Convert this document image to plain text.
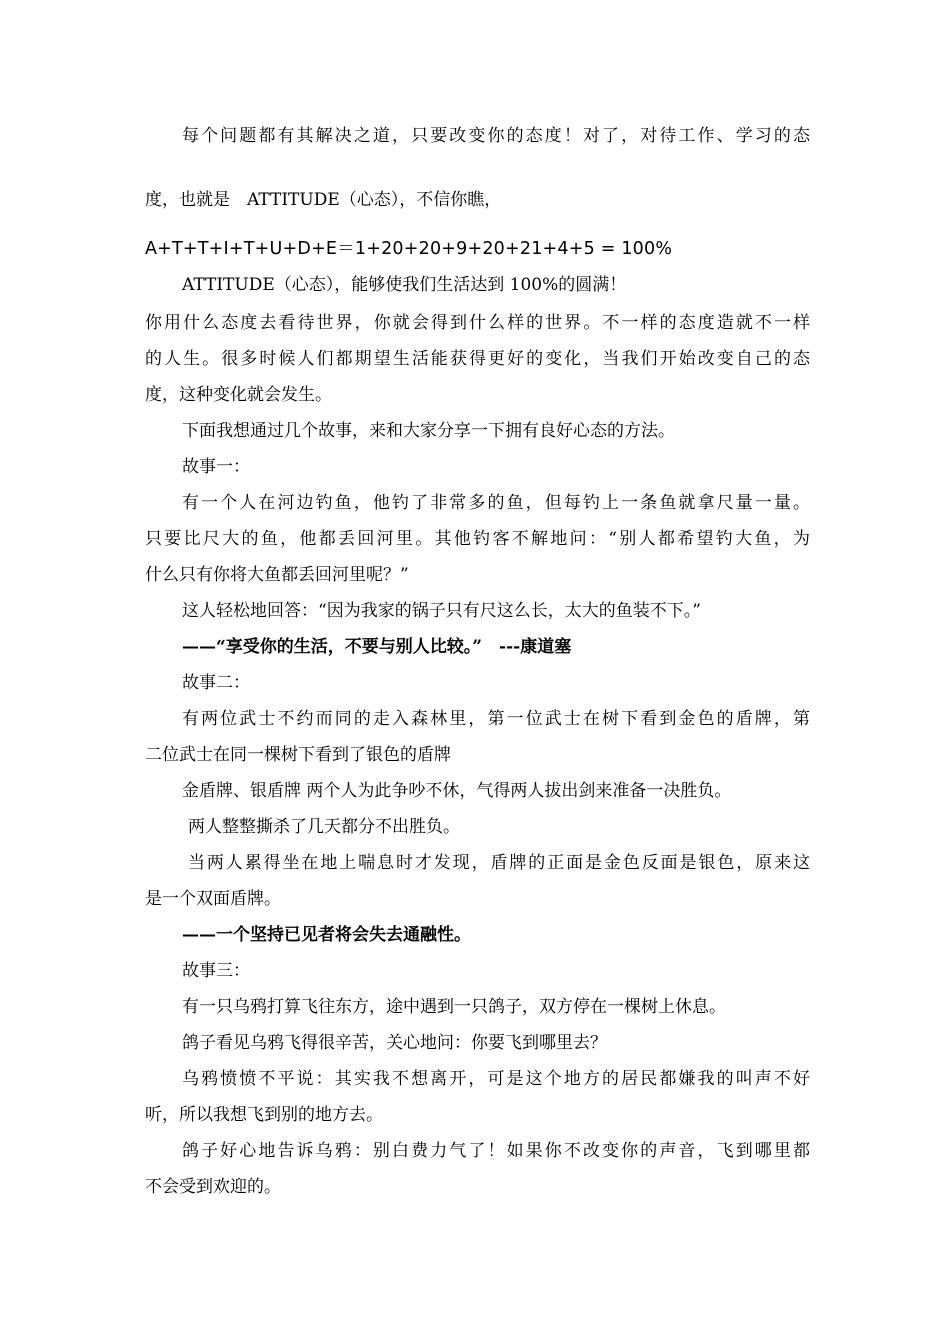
每个问题都有其解决之道，只要改变你的态度！对了，对待工作、学习的态
度，也就是　ATTITUDE（心态），不信你瞧，
A+T+T+I+T+U+D+E＝1+20+20+9+20+21+4+5 = 100%
ATTITUDE（心态），能够使我们生活达到 100%的圆满！
你用什么态度去看待世界，你就会得到什么样的世界。不一样的态度造就不一样
的人生。很多时候人们都期望生活能获得更好的变化，当我们开始改变自己的态
度，这种变化就会发生。
下面我想通过几个故事，来和大家分享一下拥有良好心态的方法。
故事一：
有一个人在河边钓鱼，他钓了非常多的鱼，但每钓上一条鱼就拿尺量一量。
只要比尺大的鱼，他都丢回河里。其他钓客不解地问：“别人都希望钓大鱼，为
什么只有你将大鱼都丢回河里呢？”
这人轻松地回答：“因为我家的锅子只有尺这么长，太大的鱼装不下。”
——“享受你的生活，不要与别人比较。”　---康道塞
故事二：
有两位武士不约而同的走入森林里，第一位武士在树下看到金色的盾牌，第
二位武士在同一棵树下看到了银色的盾牌
金盾牌、银盾牌 两个人为此争吵不休，气得两人拔出剑来准备一决胜负。
两人整整撕杀了几天都分不出胜负。
当两人累得坐在地上喘息时才发现，盾牌的正面是金色反面是银色，原来这
是一个双面盾牌。
——一个坚持已见者将会失去通融性。
故事三：
有一只乌鸦打算飞往东方，途中遇到一只鸽子，双方停在一棵树上休息。
鸽子看见乌鸦飞得很辛苦，关心地问：你要飞到哪里去？
乌鸦愤愤不平说：其实我不想离开，可是这个地方的居民都嫌我的叫声不好
听，所以我想飞到别的地方去。
鸽子好心地告诉乌鸦：别白费力气了！如果你不改变你的声音，飞到哪里都
不会受到欢迎的。
